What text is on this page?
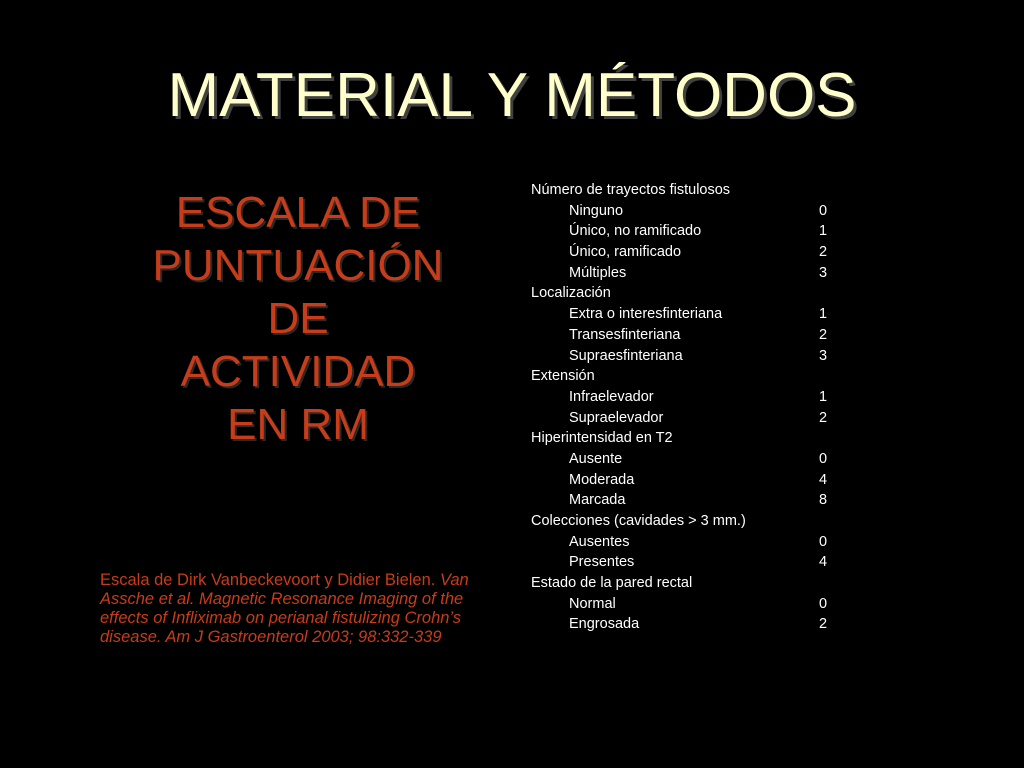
MATERIAL Y MÉTODOS
ESCALA DE
PUNTUACIÓN
DE
ACTIVIDAD
EN RM
Escala de Dirk Vanbeckevoort y Didier Bielen. Van Assche et al. Magnetic Resonance Imaging of the effects of Infliximab on perianal fistulizing Crohn’s disease. Am J Gastroenterol 2003; 98:332-339
Número de trayectos fistulosos
Ninguno	0
Único, no ramificado	1
Único, ramificado	2
Múltiples	3
Localización
Extra o interesfinteriana	1
Transesfinteriana	2
Supraesfinteriana	3
Extensión
Infraelevador	1
Supraelevador	2
Hiperintensidad en T2
Ausente	0
Moderada	4
Marcada	8
Colecciones (cavidades > 3 mm.)
Ausentes	0
Presentes	4
Estado de la pared rectal
Normal	0
Engrosada	2
